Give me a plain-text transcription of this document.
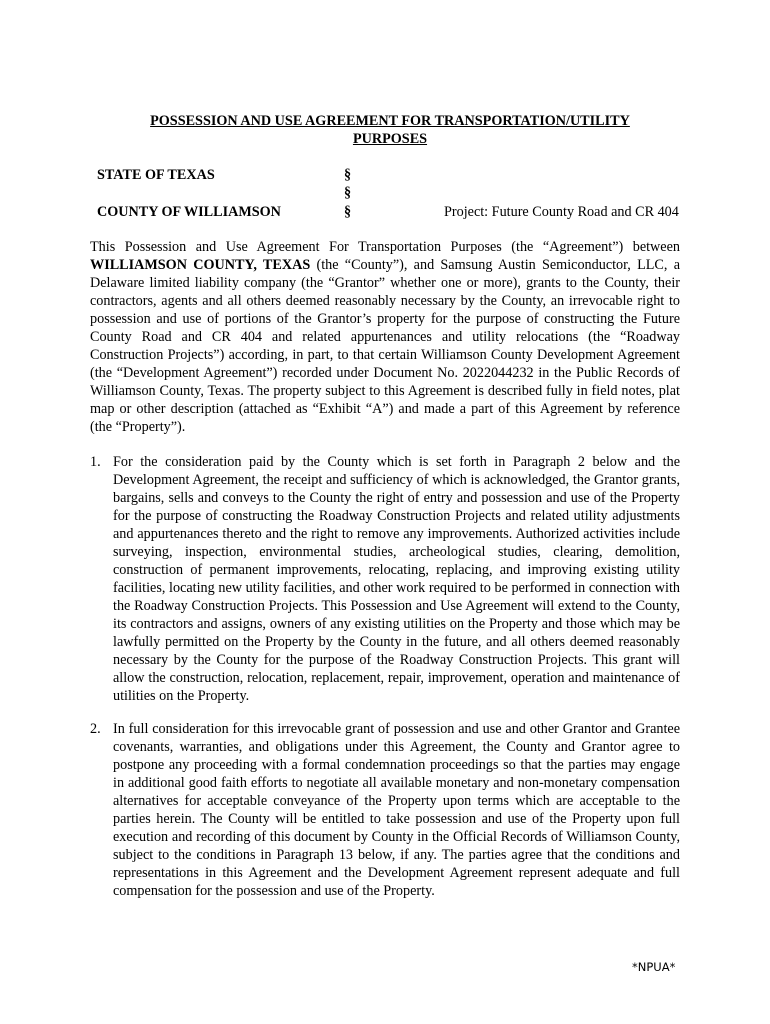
POSSESSION AND USE AGREEMENT FOR TRANSPORTATION/UTILITY
PURPOSES

STATE OF TEXAS

COUNTY OF WILLIAMSON

§

§

§	Project: Future County Road and CR 404

This Possession and Use Agreement For Transportation Purposes (the “Agreement”) between WILLIAMSON COUNTY, TEXAS (the “County”), and Samsung Austin Semiconductor, LLC, a Delaware limited liability company (the “Grantor” whether one or more), grants to the County, their contractors, agents and all others deemed reasonably necessary by the County, an irrevocable right to possession and use of portions of the Grantor’s property for the purpose of constructing the Future County Road and CR 404 and related appurtenances and utility relocations (the “Roadway Construction Projects”) according, in part, to that certain Williamson County Development Agreement (the “Development Agreement”) recorded under Document No. 2022044232 in the Public Records of Williamson County, Texas. The property subject to this Agreement is described fully in field notes, plat map or other description (attached as “Exhibit “A”) and made a part of this Agreement by reference (the “Property”).

1. For the consideration paid by the County which is set forth in Paragraph 2 below and the Development Agreement, the receipt and sufficiency of which is acknowledged, the Grantor grants, bargains, sells and conveys to the County the right of entry and possession and use of the Property for the purpose of constructing the Roadway Construction Projects and related utility adjustments and appurtenances thereto and the right to remove any improvements. Authorized activities include surveying, inspection, environmental studies, archeological studies, clearing, demolition, construction of permanent improvements, relocating, replacing, and improving existing utility facilities, locating new utility facilities, and other work required to be performed in connection with the Roadway Construction Projects. This Possession and Use Agreement will extend to the County, its contractors and assigns, owners of any existing utilities on the Property and those which may be lawfully permitted on the Property by the County in the future, and all others deemed reasonably necessary by the County for the purpose of the Roadway Construction Projects. This grant will allow the construction, relocation, replacement, repair, improvement, operation and maintenance of utilities on the Property.
2. In full consideration for this irrevocable grant of possession and use and other Grantor and Grantee covenants, warranties, and obligations under this Agreement, the County and Grantor agree to postpone any proceeding with a formal condemnation proceedings so that the parties may engage in additional good faith efforts to negotiate all available monetary and non-monetary compensation alternatives for acceptable conveyance of the Property upon terms which are acceptable to the parties herein. The County will be entitled to take possession and use of the Property upon full execution and recording of this document by County in the Official Records of Williamson County, subject to the conditions in Paragraph 13 below, if any. The parties agree that the conditions and representations in this Agreement and the Development Agreement represent adequate and full compensation for the possession and use of the Property.

*NPUA*
